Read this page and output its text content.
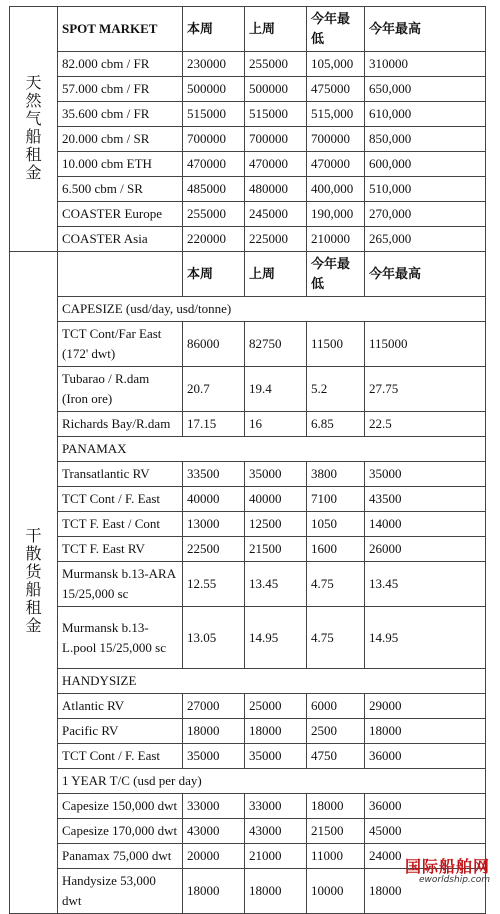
天然气船租金	SPOT MARKET	本周	上周	今年最低	今年最高
	82.000 cbm / FR	230000	255000	105,000	310000
	57.000 cbm / FR	500000	500000	475000	650,000
	35.600 cbm / FR	515000	515000	515,000	610,000
	20.000 cbm / SR	700000	700000	700000	850,000
	10.000 cbm ETH	470000	470000	470000	600,000
	6.500 cbm / SR	485000	480000	400,000	510,000
	COASTER Europe	255000	245000	190,000	270,000
	COASTER Asia	220000	225000	210000	265,000
干散货船租金		本周	上周	今年最低	今年最高
	CAPESIZE (usd/day, usd/tonne)				
	TCT Cont/Far East (172' dwt)	86000	82750	11500	115000
	Tubarao / R.dam (Iron ore)	20.7	19.4	5.2	27.75
	Richards Bay/R.dam	17.15	16	6.85	22.5
	PANAMAX				
	Transatlantic RV	33500	35000	3800	35000
	TCT Cont / F. East	40000	40000	7100	43500
	TCT F. East / Cont	13000	12500	1050	14000
	TCT F. East RV	22500	21500	1600	26000
	Murmansk b.13-ARA 15/25,000 sc	12.55	13.45	4.75	13.45
	Murmansk b.13-L.pool 15/25,000 sc	13.05	14.95	4.75	14.95
	HANDYSIZE				
	Atlantic RV	27000	25000	6000	29000
	Pacific RV	18000	18000	2500	18000
	TCT Cont / F. East	35000	35000	4750	36000
	1 YEAR T/C (usd per day)				
	Capesize 150,000 dwt	33000	33000	18000	36000
	Capesize 170,000 dwt	43000	43000	21500	45000
	Panamax 75,000 dwt	20000	21000	11000	24000
	Handysize 53,000 dwt	18000	18000	10000	18000
国际船舶网
eworldship.com
